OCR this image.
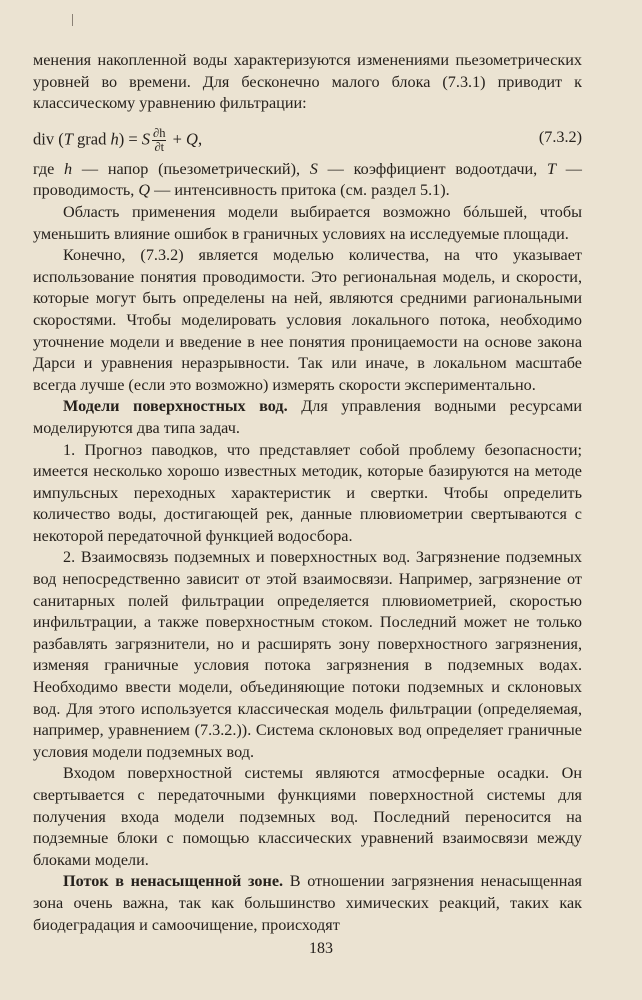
менения накопленной воды характеризуются изменениями пьезометрических уровней во времени. Для бесконечно малого блока (7.3.1) приводит к классическому уравнению фильтрации:

div (T grad h) = S $\frac{\partial h}{\partial t} + Q$,	(7.3.2)

где h — напор (пьезометрический), S — коэффициент водоотдачи, T — проводимость, Q — интенсивность притока (см. раздел 5.1).

Область применения модели выбирается возможно бóльшей, чтобы уменьшить влияние ошибок в граничных условиях на исследуемые площади.

Конечно, (7.3.2) является моделью количества, на что указывает использование понятия проводимости. Это региональная модель, и скорости, которые могут быть определены на ней, являются средними рагиональными скоростями. Чтобы моделировать условия локального потока, необходимо уточнение модели и введение в нее понятия проницаемости на основе закона Дарси и уравнения неразрывности. Так или иначе, в локальном масштабе всегда лучше (если это возможно) измерять скорости экспериментально.

Модели поверхностных вод. Для управления водными ресурсами моделируются два типа задач.

1. Прогноз паводков, что представляет собой проблему безопасности; имеется несколько хорошо известных методик, которые базируются на методе импульсных переходных характеристик и свертки. Чтобы определить количество воды, достигающей рек, данные плювиометрии свертываются с некоторой передаточной функцией водосбора.

2. Взаимосвязь подземных и поверхностных вод. Загрязнение подземных вод непосредственно зависит от этой взаимосвязи. Например, загрязнение от санитарных полей фильтрации определяется плювиометрией, скоростью инфильтрации, а также поверхностным стоком. Последний может не только разбавлять загрязнители, но и расширять зону поверхностного загрязнения, изменяя граничные условия потока загрязнения в подземных водах. Необходимо ввести модели, объединяющие потоки подземных и склоновых вод. Для этого используется классическая модель фильтрации (определяемая, например, уравнением (7.3.2.)). Система склоновых вод определяет граничные условия модели подземных вод.

Входом поверхностной системы являются атмосферные осадки. Он свертывается с передаточными функциями поверхностной системы для получения входа модели подземных вод. Последний переносится на подземные блоки с помощью классических уравнений взаимосвязи между блоками модели.

Поток в ненасыщенной зоне. В отношении загрязнения ненасыщенная зона очень важна, так как большинство химических реакций, таких как биодеградация и самоочищение, происходят

183
